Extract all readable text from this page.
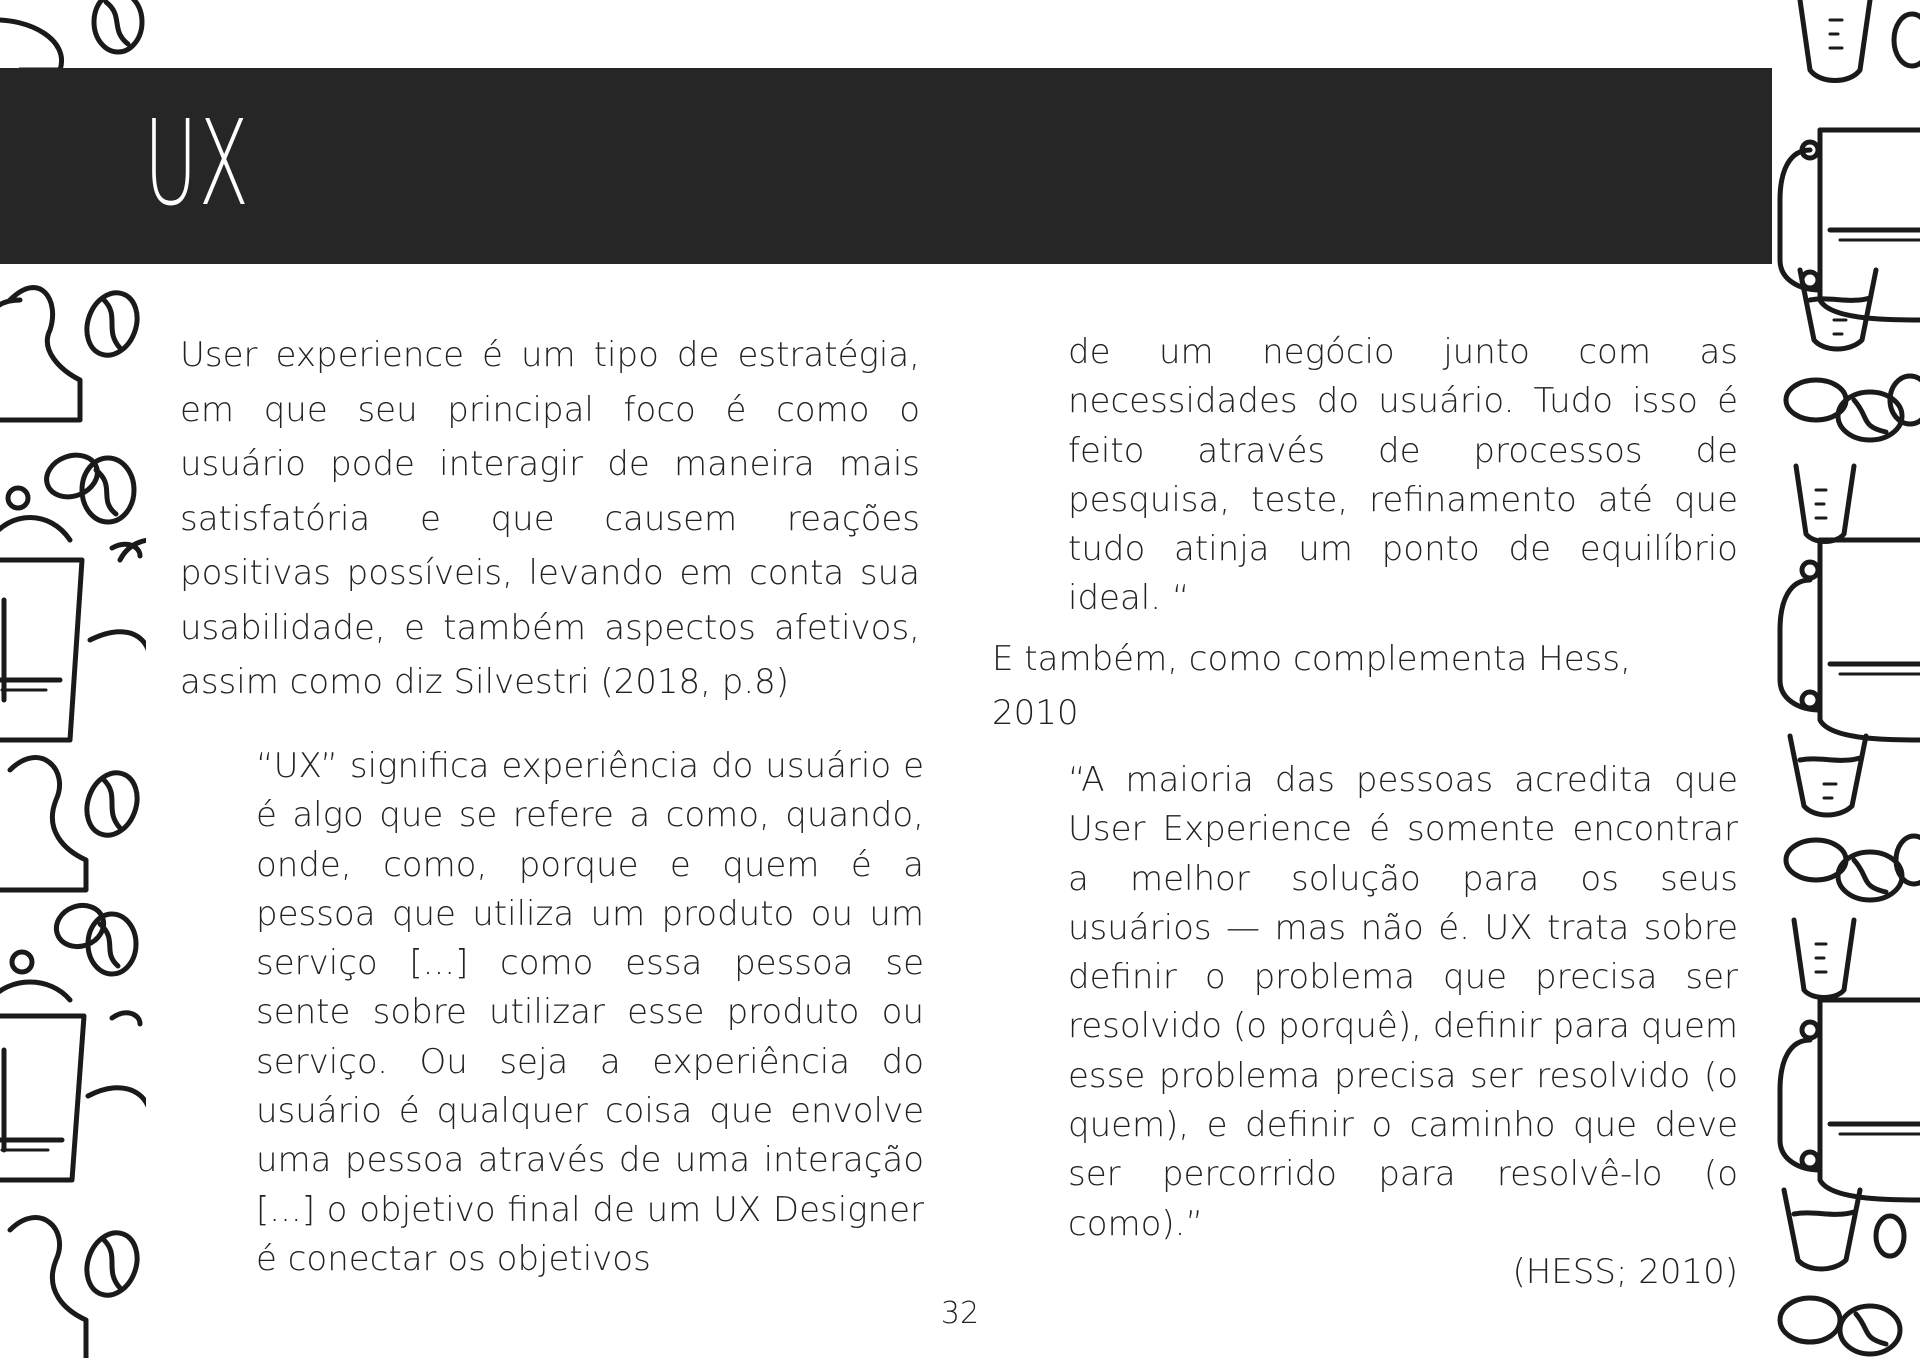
UX

User experience é um tipo de estratégia, em que seu principal foco é como o usuário pode interagir de maneira mais satisfatória e que causem reações positivas possíveis, levando em conta sua usabilidade, e também aspectos afetivos, assim como diz Silvestri (2018, p.8)

“UX” significa experiência do usuário e é algo que se refere a como, quando, onde, como, porque e quem é a pessoa que utiliza um produto ou um serviço [...] como essa pessoa se sente sobre utilizar esse produto ou serviço. Ou seja a experiência do usuário é qualquer coisa que envolve uma pessoa através de uma interação [...] o objetivo final de um UX Designer é conectar os objetivos

de um negócio junto com as necessidades do usuário. Tudo isso é feito através de processos de pesquisa, teste, refinamento até que tudo atinja um ponto de equilíbrio ideal. “

E também, como complementa Hess,
2010

“A maioria das pessoas acredita que User Experience é somente encontrar a melhor solução para os seus usuários — mas não é. UX trata sobre definir o problema que precisa ser resolvido (o porquê), definir para quem esse problema precisa ser resolvido (o quem), e definir o caminho que deve ser percorrido para resolvê-lo (o como).”

(HESS; 2010)

32
